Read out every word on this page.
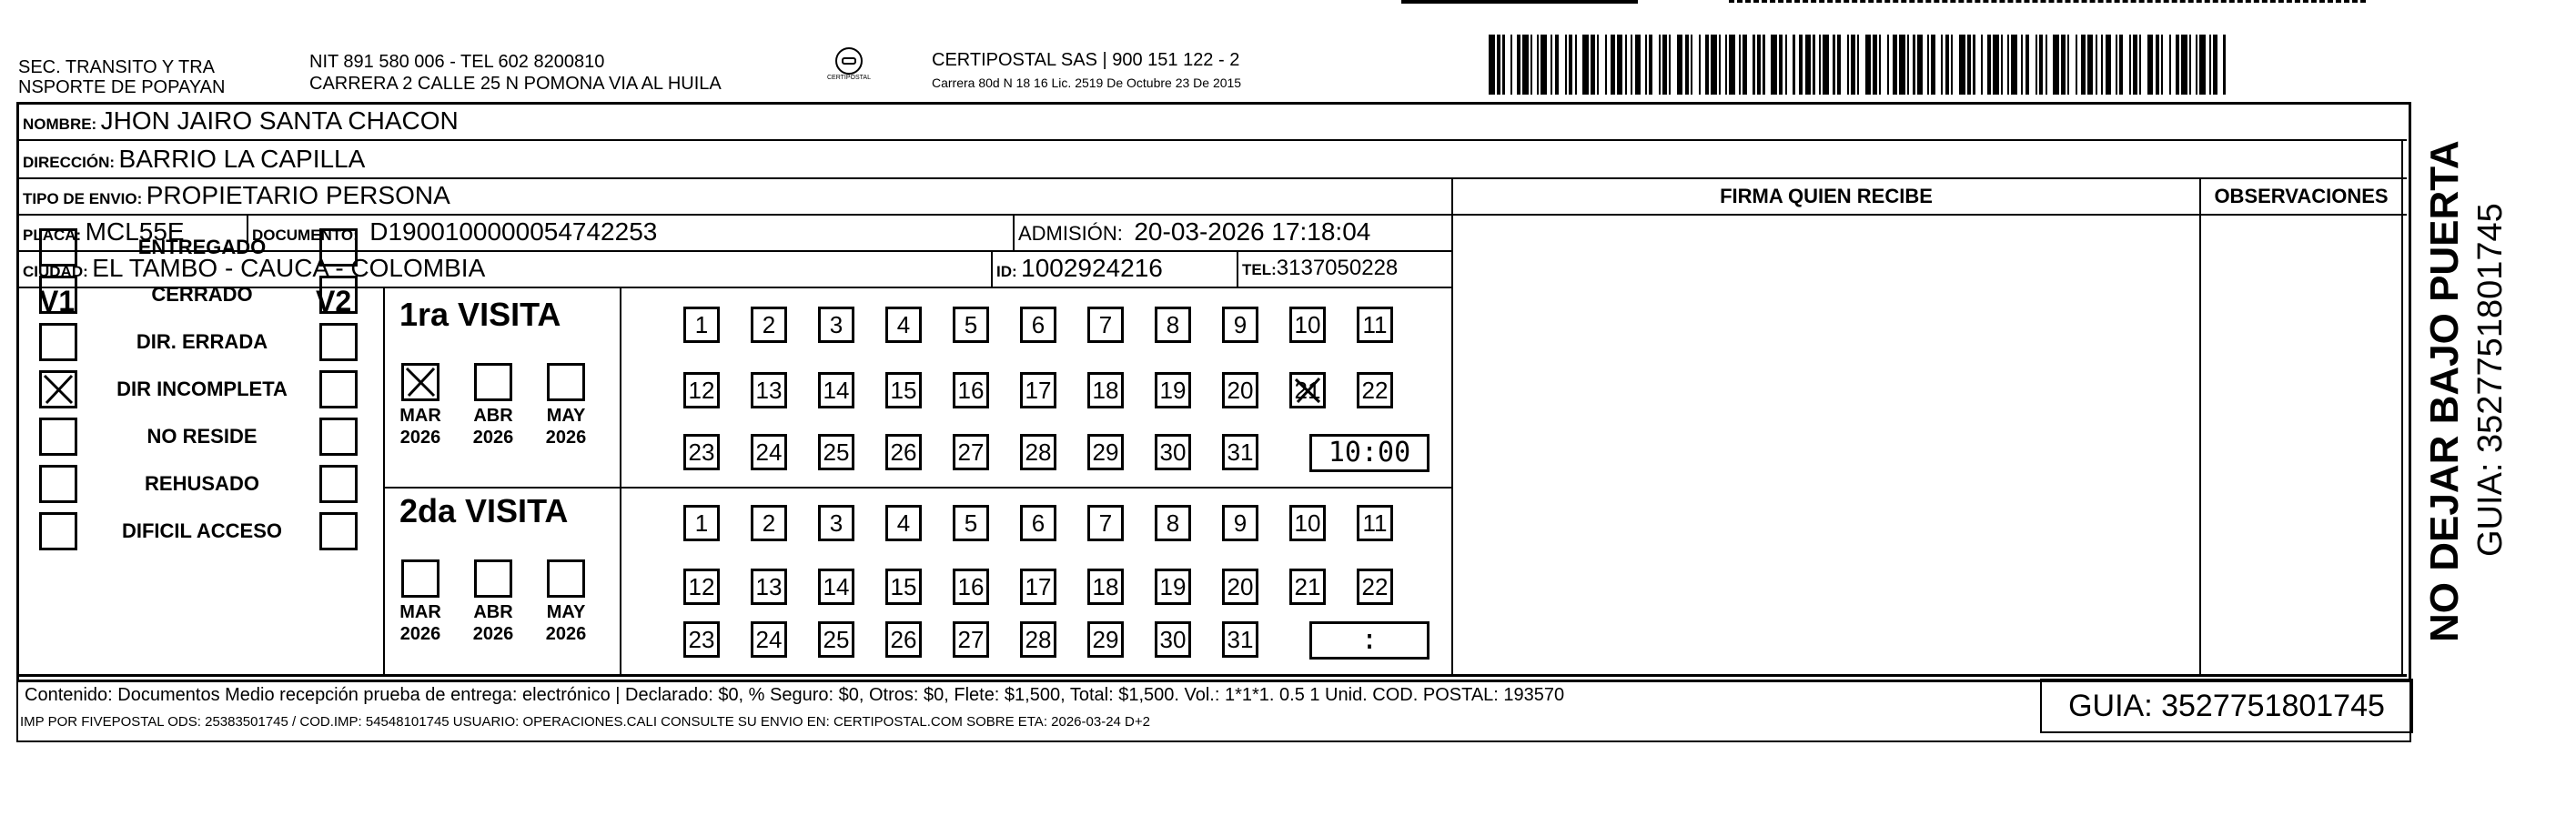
SEC. TRANSITO Y TRA
NSPORTE DE POPAYAN
NIT 891 580 006 - TEL 602 8200810
CARRERA 2 CALLE 25 N POMONA VIA AL HUILA	CERTIPOSTAL
CERTIPOSTAL SAS | 900 151 122 - 2
Carrera 80d N 18 16 Lic. 2519 De Octubre 23 De 2015
NOMBRE: JHON JAIRO SANTA CHACON
DIRECCIÓN: BARRIO LA CAPILLA
TIPO DE ENVIO: PROPIETARIO PERSONA	FIRMA QUIEN RECIBE	OBSERVACIONES
PLACA: MCL55E	DOCUMENTO: D1900100000054742253	ADMISIÓN: 20-03-2026 17:18:04
CIUDAD: EL TAMBO - CAUCA - COLOMBIA	ID: 1002924216	TEL:3137050228
V1	V2
ENTREGADO
CERRADO
DIR. ERRADA
DIR INCOMPLETA
NO RESIDE
REHUSADO
DIFICIL ACCESO
1ra VISITA
MAR
2026
ABR
2026
MAY
2026
1	2	3	4	5	6	7	8	9	10 11
12 13 14 15 16 17 18 19 20 21 22
23 24 25 26 27 28 29 30 31	10:00
2da VISITA
MAR
2026
ABR
2026
MAY
2026
1	2	3	4	5	6	7	8	9	10 11
12 13 14 15 16 17 18 19 20 21 22
23 24 25 26 27 28 29 30 31	:
Contenido: Documentos Medio recepción prueba de entrega: electrónico | Declarado: $0, % Seguro: $0, Otros: $0, Flete: $1,500, Total: $1,500. Vol.: 1*1*1. 0.5 1 Unid. COD. POSTAL: 193570
IMP POR FIVEPOSTAL ODS: 25383501745 / COD.IMP: 54548101745 USUARIO: OPERACIONES.CALI CONSULTE SU ENVIO EN: CERTIPOSTAL.COM SOBRE ETA: 2026-03-24 D+2	GUIA: 3527751801745
NO DEJAR BAJO PUERTA GUIA: 3527751801745
